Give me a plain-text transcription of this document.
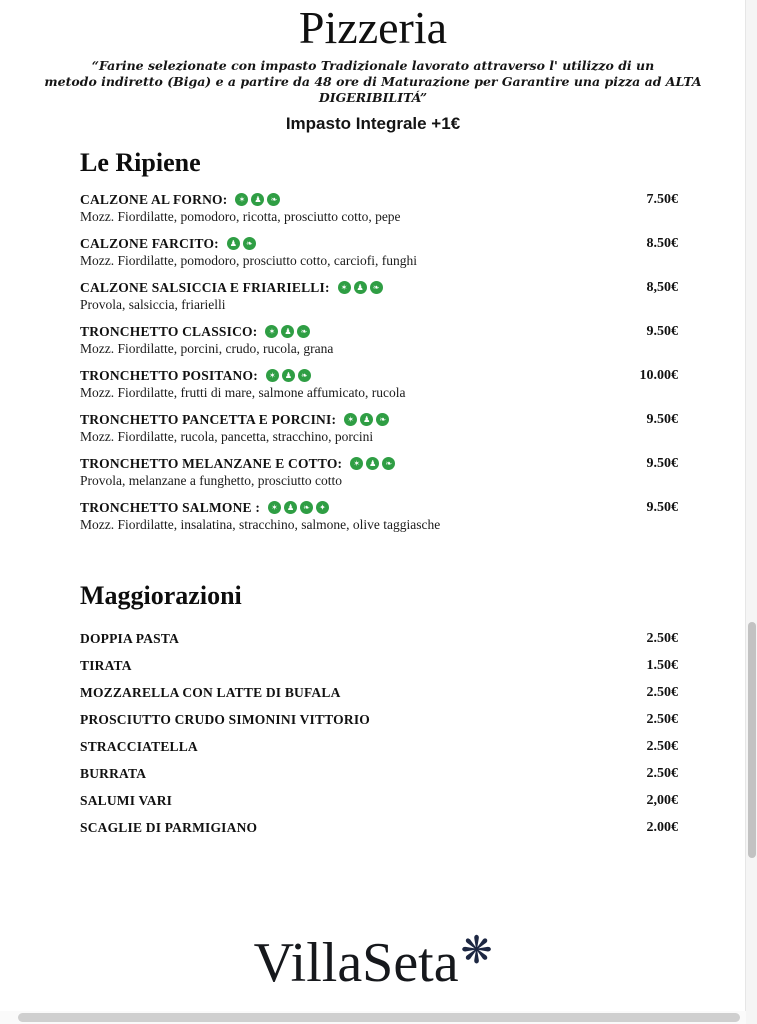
Pizzeria

“Farine selezionate con impasto Tradizionale lavorato attraverso l' utilizzo di un
metodo indiretto (Biga) e a partire da 48 ore di Maturazione per Garantire una pizza ad ALTA DIGERIBILITÁ”

Impasto Integrale +1€

Le Ripiene
CALZONE AL FORNO:	✶	♟	❧	7.50€
Mozz. Fiordilatte, pomodoro, ricotta, prosciutto cotto, pepe
CALZONE FARCITO:	♟	❧	8.50€
Mozz. Fiordilatte, pomodoro, prosciutto cotto, carciofi, funghi
CALZONE SALSICCIA E FRIARIELLI:	✶	♟	❧	8,50€
Provola, salsiccia, friarielli
TRONCHETTO CLASSICO:	✶	♟	❧	9.50€
Mozz. Fiordilatte, porcini, crudo, rucola, grana
TRONCHETTO POSITANO:	✶	♟	❧	10.00€
Mozz. Fiordilatte, frutti di mare, salmone affumicato, rucola
TRONCHETTO PANCETTA E PORCINI:	✶	♟	❧	9.50€
Mozz. Fiordilatte, rucola, pancetta, stracchino, porcini
TRONCHETTO MELANZANE E COTTO:	✶	♟	❧	9.50€
Provola, melanzane a funghetto, prosciutto cotto
TRONCHETTO SALMONE :	✶	♟	❧	✦	9.50€
Mozz. Fiordilatte, insalatina, stracchino, salmone, olive taggiasche
Maggiorazioni
DOPPIA PASTA	2.50€
TIRATA	1.50€
MOZZARELLA CON LATTE DI BUFALA	2.50€
PROSCIUTTO CRUDO SIMONINI VITTORIO	2.50€
STRACCIATELLA	2.50€
BURRATA	2.50€
SALUMI VARI	2,00€
SCAGLIE DI PARMIGIANO	2.00€
VillaSeta❋
